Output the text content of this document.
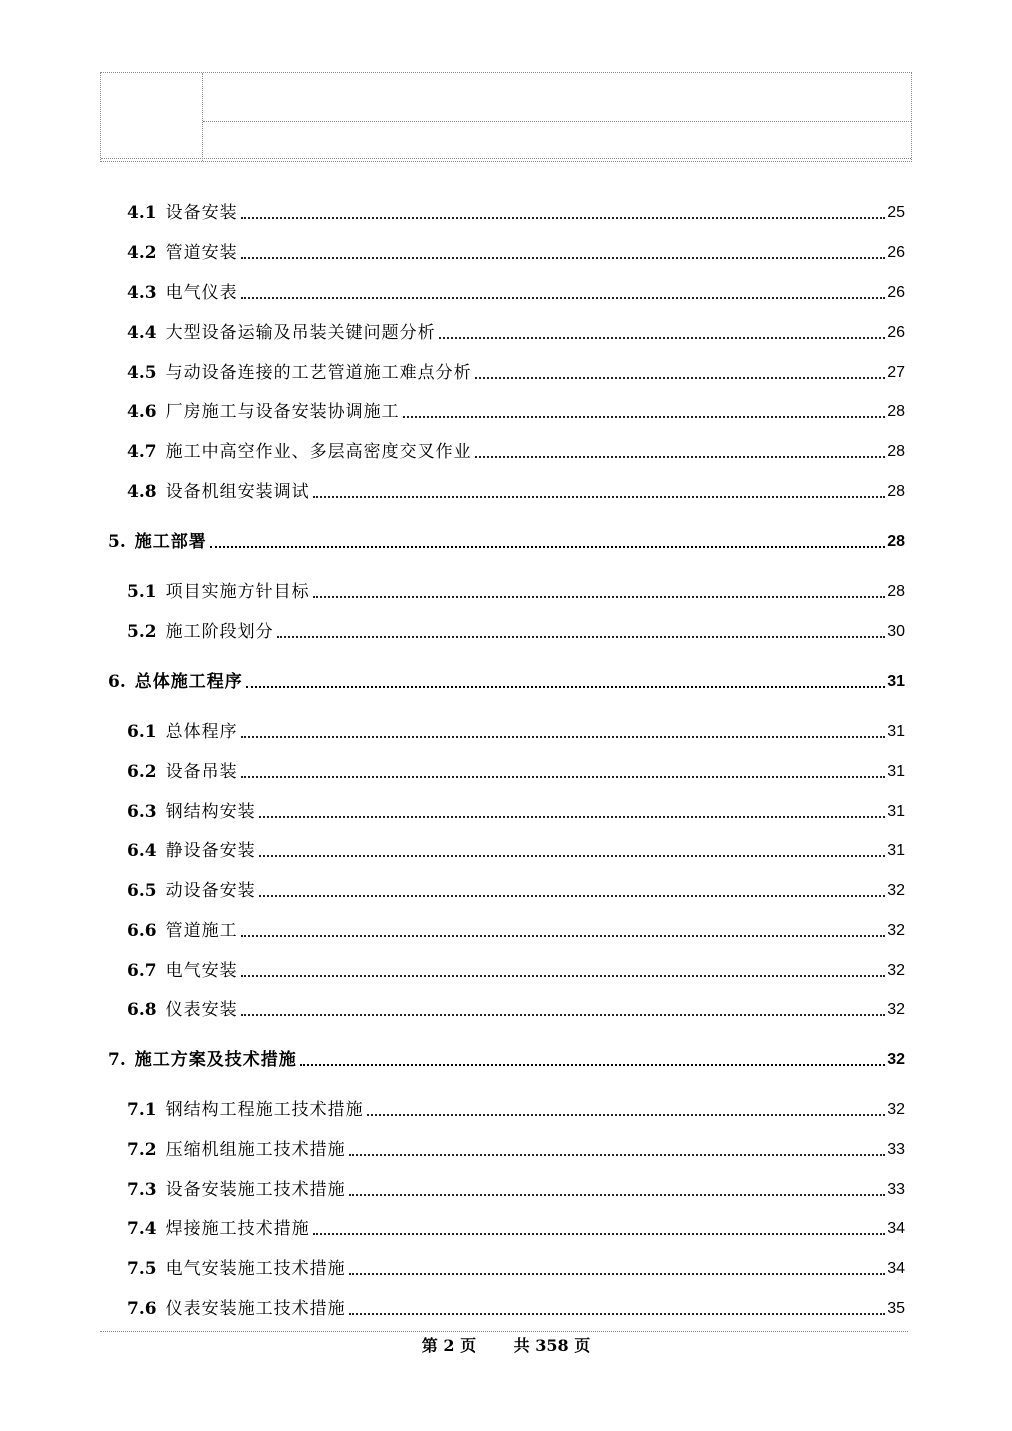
4.1 设备安装	25
4.2 管道安装	26
4.3 电气仪表	26
4.4 大型设备运输及吊装关键问题分析	26
4.5 与动设备连接的工艺管道施工难点分析	27
4.6 厂房施工与设备安装协调施工	28
4.7 施工中高空作业、多层高密度交叉作业	28
4.8 设备机组安装调试	28
5. 施工部署	28
5.1 项目实施方针目标	28
5.2 施工阶段划分	30
6. 总体施工程序	31
6.1 总体程序	31
6.2 设备吊装	31
6.3 钢结构安装	31
6.4 静设备安装	31
6.5 动设备安装	32
6.6 管道施工	32
6.7 电气安装	32
6.8 仪表安装	32
7. 施工方案及技术措施	32
7.1 钢结构工程施工技术措施	32
7.2 压缩机组施工技术措施	33
7.3 设备安装施工技术措施	33
7.4 焊接施工技术措施	34
7.5 电气安装施工技术措施	34
7.6 仪表安装施工技术措施	35
第 2 页 共 358 页
